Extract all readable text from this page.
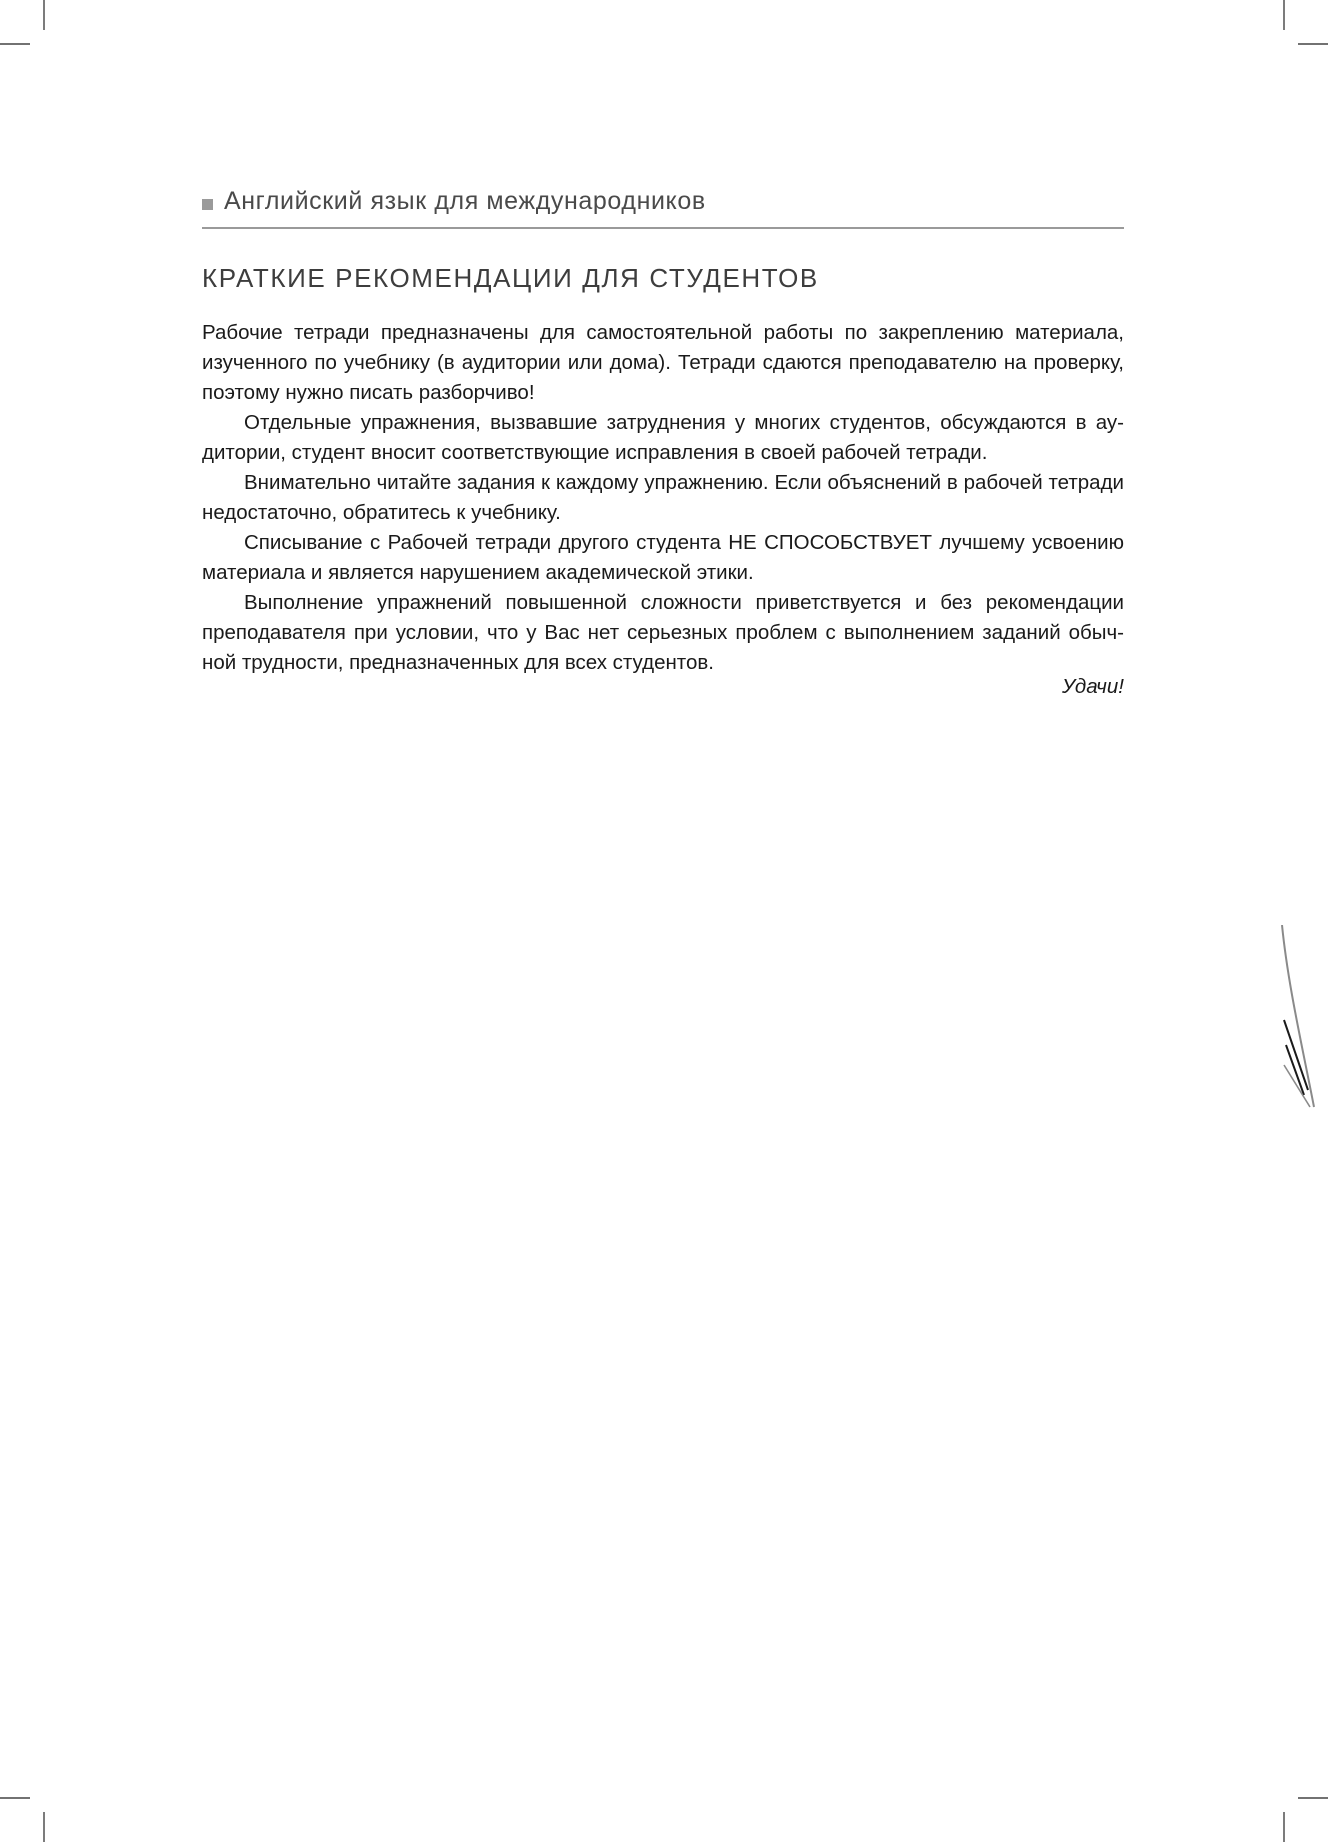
Английский язык для международников
КРАТКИЕ РЕКОМЕНДАЦИИ ДЛЯ СТУДЕНТОВ

Рабочие тетради предназначены для самостоятельной работы по закреплению материала, изученного по учебнику (в аудитории или дома). Тетради сдаются преподавателю на проверку, поэтому нужно писать разборчиво!

Отдельные упражнения, вызвавшие затруднения у многих студентов, обсуждаются в аудитории, студент вносит соответствующие исправления в своей рабочей тетради.

Внимательно читайте задания к каждому упражнению. Если объяснений в рабочей тетради недостаточно, обратитесь к учебнику.

Списывание с Рабочей тетради другого студента НЕ СПОСОБСТВУЕТ лучшему усвоению материала и является нарушением академической этики.

Выполнение упражнений повышенной сложности приветствуется и без рекомендации преподавателя при условии, что у Вас нет серьезных проблем с выполнением заданий обычной трудности, предназначенных для всех студентов.

Удачи!
